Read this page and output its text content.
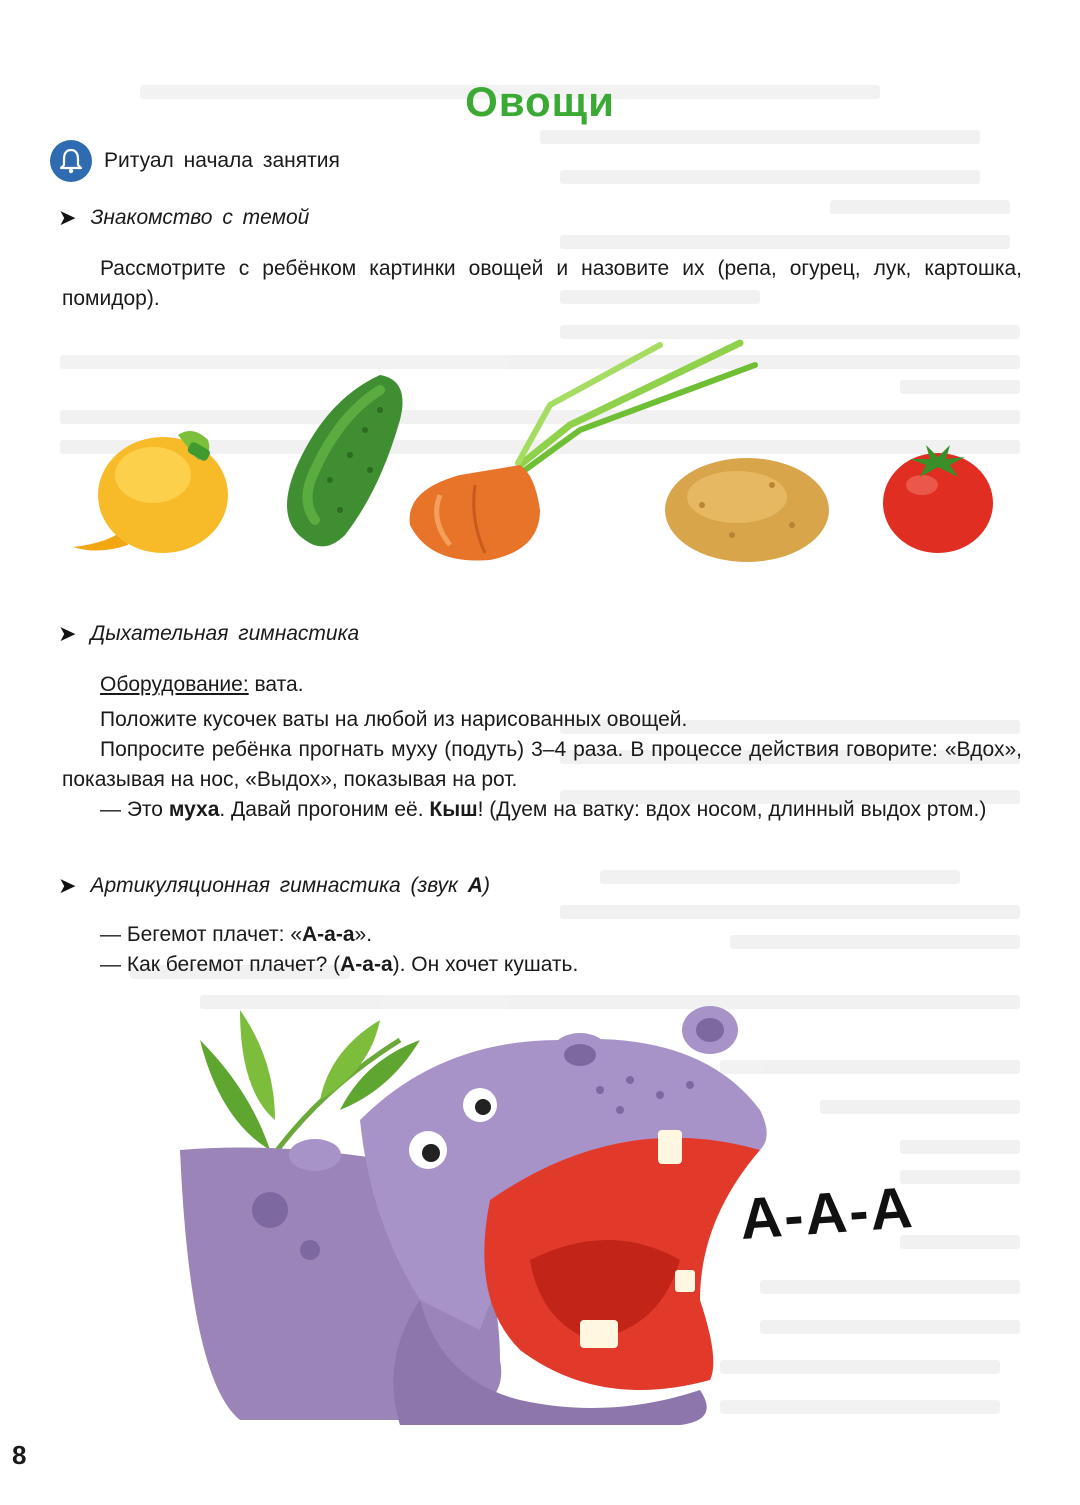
Овощи
Ритуал начала занятия
➤ Знакомство с темой
Рассмотрите с ребёнком картинки овощей и назовите их (репа, огурец, лук, картошка, помидор).
➤ Дыхательная гимнастика
Оборудование: вата.
Положите кусочек ваты на любой из нарисованных овощей.
Попросите ребёнка прогнать муху (подуть) 3–4 раза. В процессе действия говорите: «Вдох», показывая на нос, «Выдох», показывая на рот.
— Это муха. Давай прогоним её. Кыш! (Дуем на ватку: вдох носом, длинный выдох ртом.)
➤ Артикуляционная гимнастика (звук А)
— Бегемот плачет: «А-а-а».
— Как бегемот плачет? (А-а-а). Он хочет кушать.
А-А-А
8
